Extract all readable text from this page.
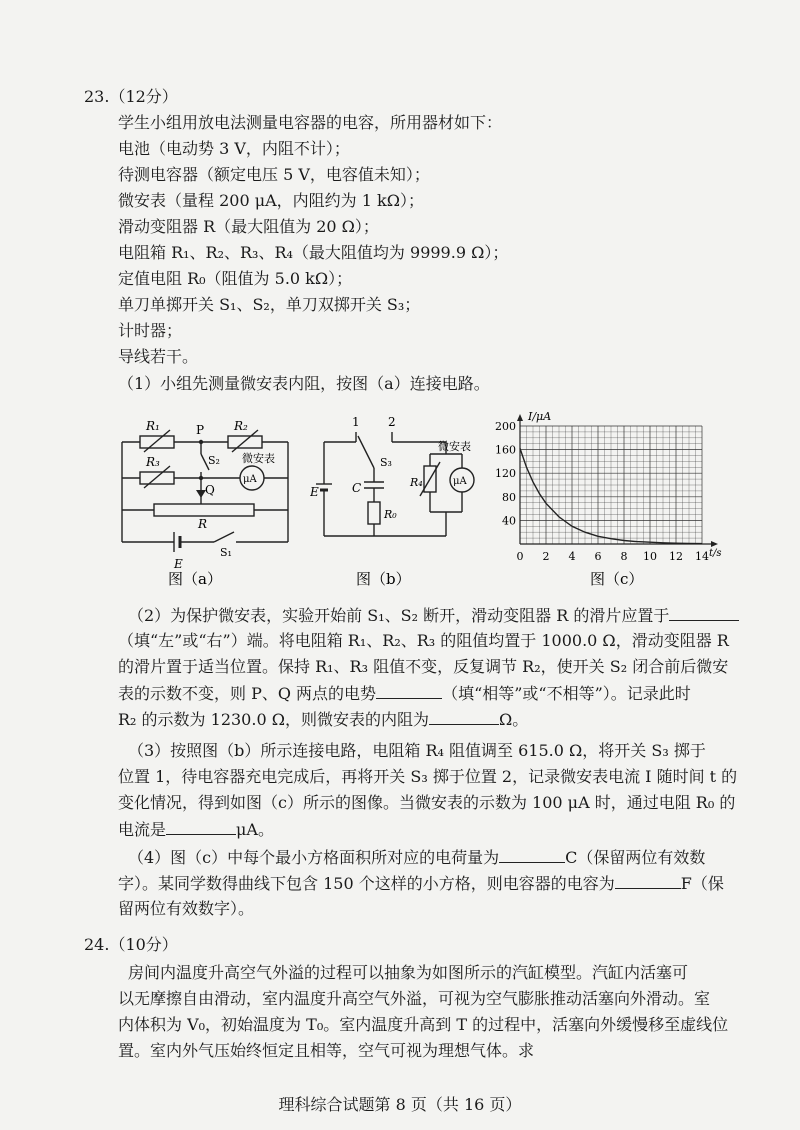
23.（12分）
学生小组用放电法测量电容器的电容，所用器材如下：
电池（电动势 3 V，内阻不计）；
待测电容器（额定电压 5 V，电容值未知）；
微安表（量程 200 μA，内阻约为 1 kΩ）；
滑动变阻器 R（最大阻值为 20 Ω）；
电阻箱 R₁、R₂、R₃、R₄（最大阻值均为 9999.9 Ω）；
定值电阻 R₀（阻值为 5.0 kΩ）；
单刀单掷开关 S₁、S₂，单刀双掷开关 S₃；
计时器；
导线若干。
（1）小组先测量微安表内阻，按图（a）连接电路。
R₁	R₂
R₃
P
S₂ 微安表
μA
Q
R
E
S₁
图（a）
1 2
S₃
E	C
R₀
R₄
微安表
μA
图（b）
0 2 4 6 8 10 12 14
40
80
120
160
200
I/μA
t/s
图（c）
（2）为保护微安表，实验开始前 S₁、S₂ 断开，滑动变阻器 R 的滑片应置于
（填“左”或“右”）端。将电阻箱 R₁、R₂、R₃ 的阻值均置于 1000.0 Ω，滑动变阻器 R
的滑片置于适当位置。保持 R₁、R₃ 阻值不变，反复调节 R₂，使开关 S₂ 闭合前后微安
表的示数不变，则 P、Q 两点的电势	（填“相等”或“不相等”）。记录此时
R₂ 的示数为 1230.0 Ω，则微安表的内阻为	Ω。
（3）按照图（b）所示连接电路，电阻箱 R₄ 阻值调至 615.0 Ω，将开关 S₃ 掷于
位置 1，待电容器充电完成后，再将开关 S₃ 掷于位置 2，记录微安表电流 I 随时间 t 的
变化情况，得到如图（c）所示的图像。当微安表的示数为 100 μA 时，通过电阻 R₀ 的
电流是	μA。
（4）图（c）中每个最小方格面积所对应的电荷量为	C（保留两位有效数
字）。某同学数得曲线下包含 150 个这样的小方格，则电容器的电容为	F（保
留两位有效数字）。
24.（10分）
房间内温度升高空气外溢的过程可以抽象为如图所示的汽缸模型。汽缸内活塞可
以无摩擦自由滑动，室内温度升高空气外溢，可视为空气膨胀推动活塞向外滑动。室
内体积为 V₀，初始温度为 T₀。室内温度升高到 T 的过程中，活塞向外缓慢移至虚线位
置。室内外气压始终恒定且相等，空气可视为理想气体。求
理科综合试题第 8 页（共 16 页）
